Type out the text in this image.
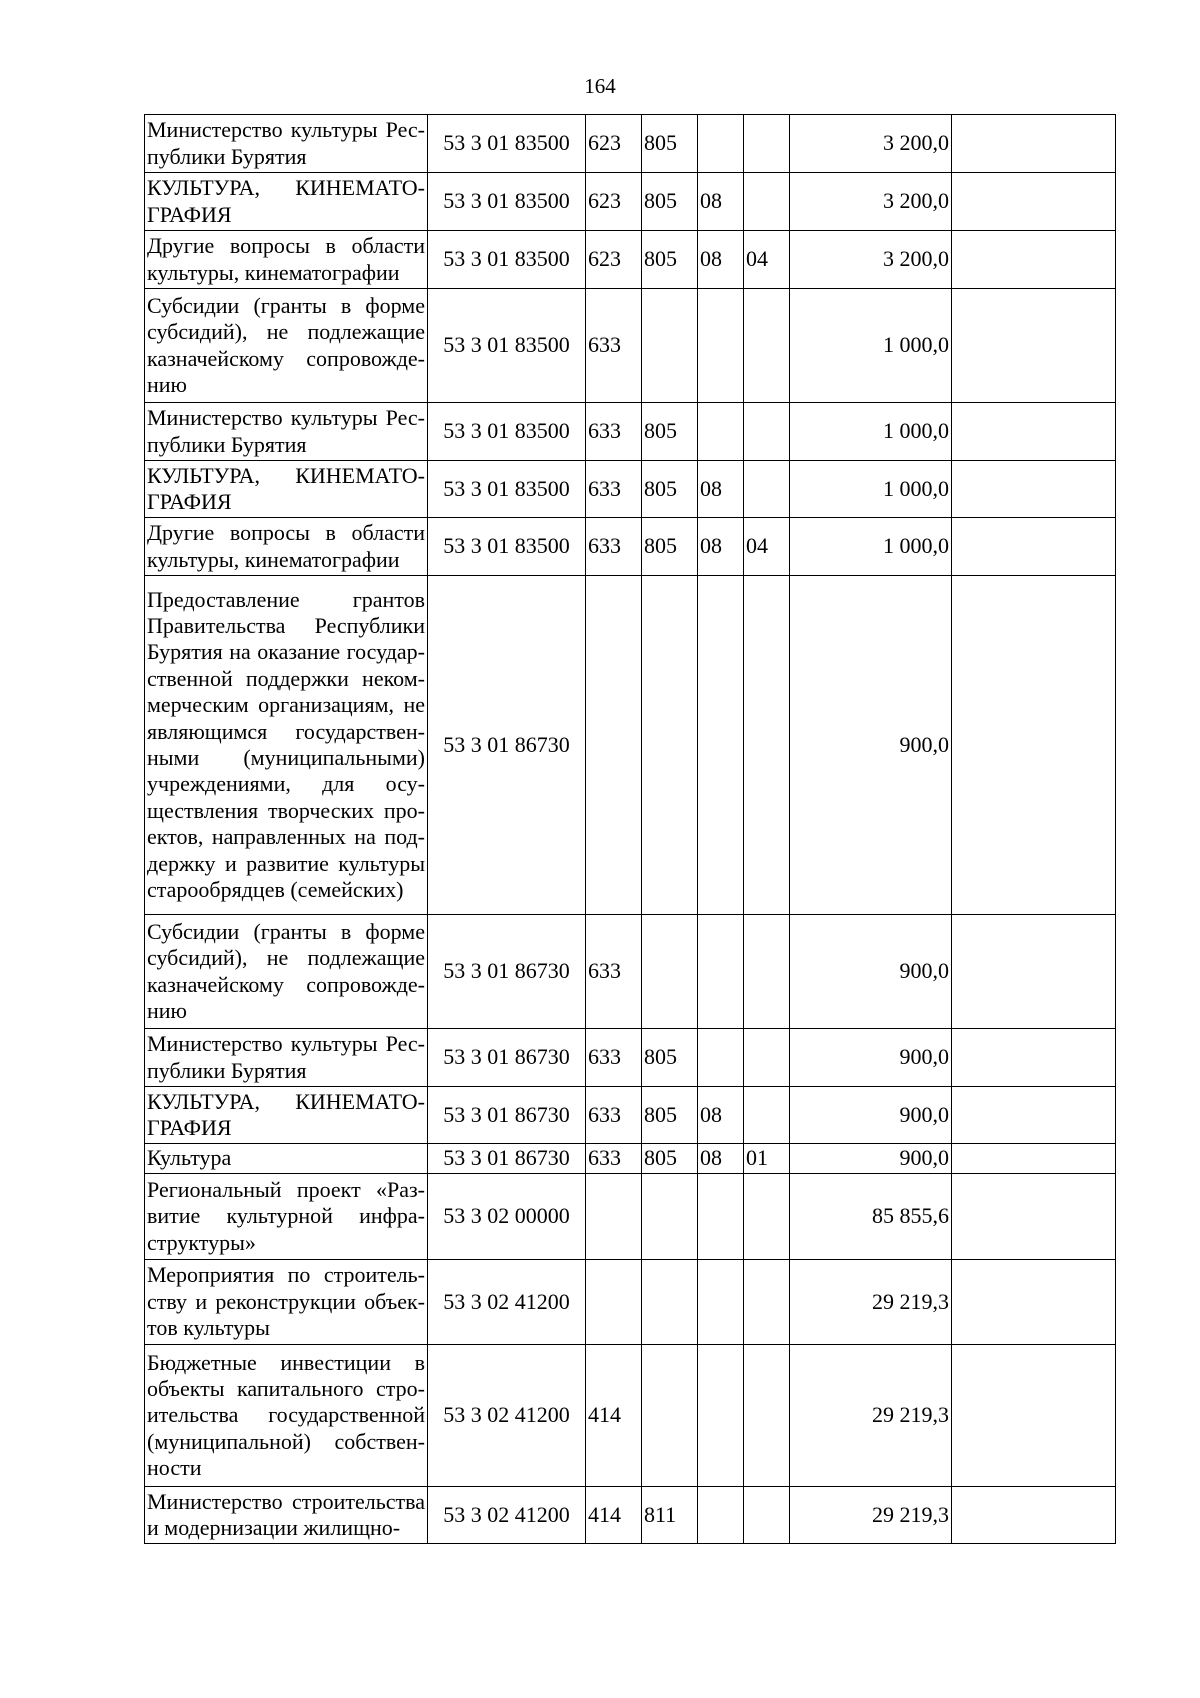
164
Министерство культуры Республики Бурятия	53 3 01 83500	623	805			3 200,0	
КУЛЬТУРА, КИНЕМАТОГРАФИЯ	53 3 01 83500	623	805	08		3 200,0	
Другие вопросы в области культуры, кинематографии	53 3 01 83500	623	805	08	04	3 200,0	
Субсидии (гранты в форме субсидий), не подлежащие казначейскому сопровождению	53 3 01 83500	633				1 000,0	
Министерство культуры Республики Бурятия	53 3 01 83500	633	805			1 000,0	
КУЛЬТУРА, КИНЕМАТОГРАФИЯ	53 3 01 83500	633	805	08		1 000,0	
Другие вопросы в области культуры, кинематографии	53 3 01 83500	633	805	08	04	1 000,0	
Предоставление грантов Правительства Республики Бурятия на оказание государственной поддержки некоммерческим организациям, не являющимся государственными (муниципальными) учреждениями, для осуществления творческих проектов, направленных на поддержку и развитие культуры старообрядцев (семейских)	53 3 01 86730					900,0	
Субсидии (гранты в форме субсидий), не подлежащие казначейскому сопровождению	53 3 01 86730	633				900,0	
Министерство культуры Республики Бурятия	53 3 01 86730	633	805			900,0	
КУЛЬТУРА, КИНЕМАТОГРАФИЯ	53 3 01 86730	633	805	08		900,0	
Культура	53 3 01 86730	633	805	08	01	900,0	
Региональный проект «Развитие культурной инфраструктуры»	53 3 02 00000					85 855,6	
Мероприятия по строительству и реконструкции объектов культуры	53 3 02 41200					29 219,3	
Бюджетные инвестиции в объекты капитального строительства государственной (муниципальной) собственности	53 3 02 41200	414				29 219,3	
Министерство строительства и модернизации жилищно-	53 3 02 41200	414	811			29 219,3	
